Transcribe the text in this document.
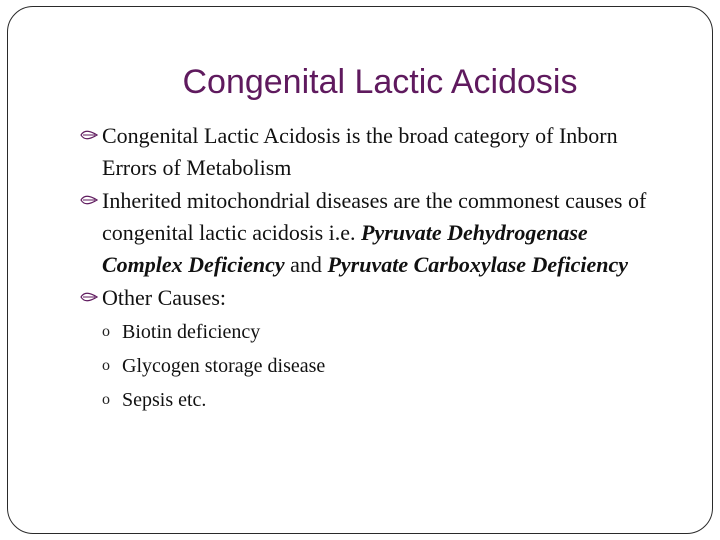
Congenital Lactic Acidosis
Congenital Lactic Acidosis is the broad category of Inborn Errors of Metabolism
Inherited mitochondrial diseases are the commonest causes of congenital lactic acidosis i.e. Pyruvate Dehydrogenase Complex Deficiency and Pyruvate Carboxylase Deficiency
Other Causes:
o Biotin deficiency
o Glycogen storage disease
o Sepsis etc.
